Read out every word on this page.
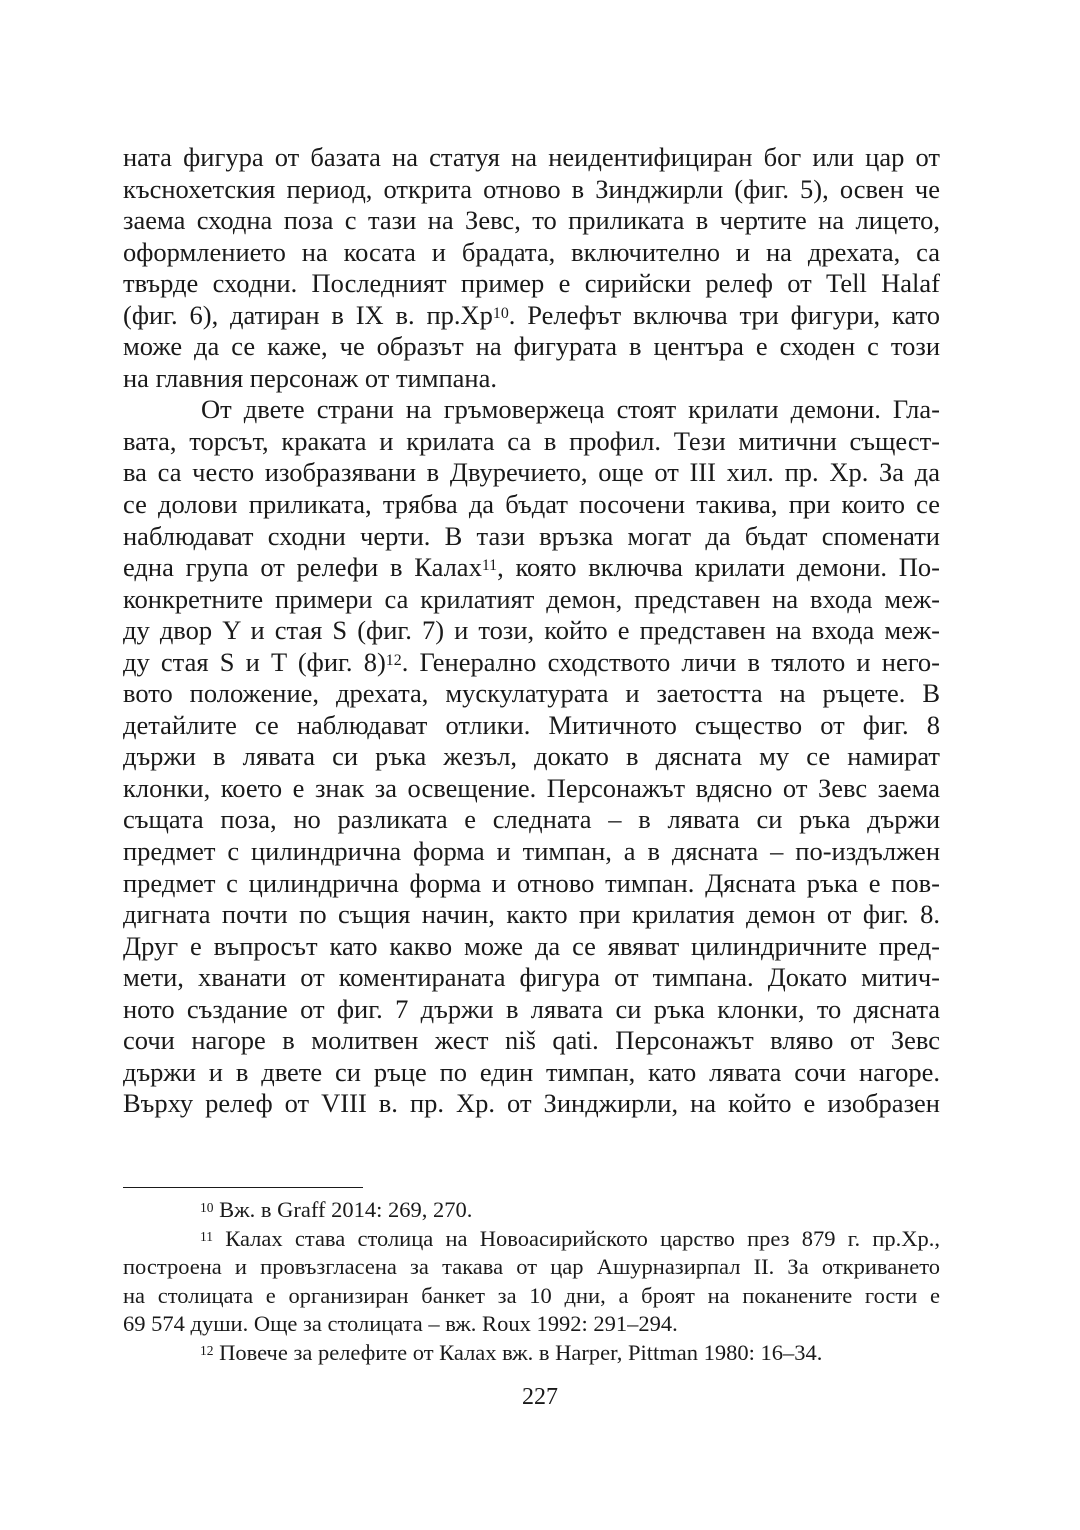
ната фигура от базата на статуя на неидентифициран бог или цар от
къснохетския период, открита отново в Зинджирли (фиг. 5), освен че
заема сходна поза с тази на Зевс, то приликата в чертите на лицето,
оформлението на косата и брадата, включително и на дрехата, са
твърде сходни. Последният пример е сирийски релеф от Tell Halaf
(фиг. 6), датиран в IX в. $пр.Хр^{10}$. Релефът включва три фигури, като
може да се каже, че образът на фигурата в центъра е сходен с този
на главния персонаж от тимпана.
От двете страни на гръмовержеца стоят крилати демони. Гла-
вата, торсът, краката и крилата са в профил. Тези митични същест-
ва са често изобразявани в Двуречието, още от III хил. пр. Хр. За да
се долови приликата, трябва да бъдат посочени такива, при които се
наблюдават сходни черти. В тази връзка могат да бъдат споменати
една група от релефи в Калах$^{11}$, която включва крилати демони. По-
конкретните примери са крилатият демон, представен на входа меж-
ду двор Y и стая S (фиг. 7) и този, който е представен на входа меж-
ду стая S и T (фиг. 8)$^{12}$. Генерално сходството личи в тялото и него-
вото положение, дрехата, мускулатурата и заетостта на ръцете. В
детайлите се наблюдават отлики. Митичното същество от фиг. 8
държи в лявата си ръка жезъл, докато в дясната му се намират
клонки, което е знак за освещение. Персонажът вдясно от Зевс заема
същата поза, но разликата е следната – в лявата си ръка държи
предмет с цилиндрична форма и тимпан, а в дясната – по-издължен
предмет с цилиндрична форма и отново тимпан. Дясната ръка е пов-
дигната почти по същия начин, както при крилатия демон от фиг. 8.
Друг е въпросът като какво може да се явяват цилиндричните пред-
мети, хванати от коментираната фигура от тимпана. Докато митич-
ното създание от фиг. 7 държи в лявата си ръка клонки, то дясната
сочи нагоре в молитвен жест niš qati. Персонажът вляво от Зевс
държи и в двете си ръце по един тимпан, като лявата сочи нагоре.
Върху релеф от VIII в. пр. Хр. от Зинджирли, на който е изобразен
$^{10}$ Вж. в Graff 2014: 269, 270.
$^{11}$ Калах става столица на Новоасирийското царство през 879 г. пр.Хр.,
построена и провъзгласена за такава от цар Ашурназирпал II. За откриването
на столицата е организиран банкет за 10 дни, а броят на поканените гости е
69 574 души. Още за столицата – вж. Roux 1992: 291–294.
$^{12}$ Повече за релефите от Калах вж. в Harper, Pittman 1980: 16–34.
227
